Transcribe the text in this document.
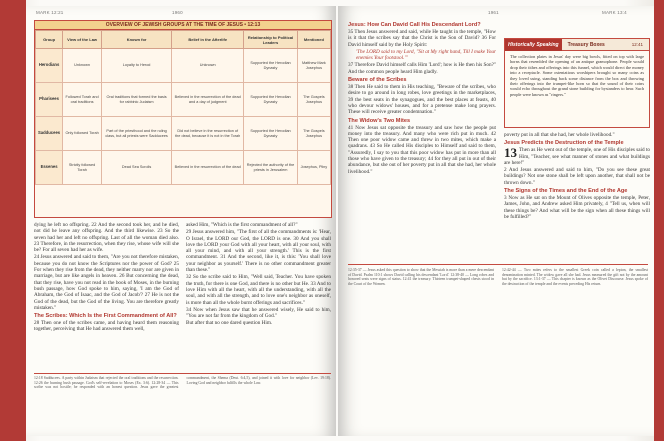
MARK 12:21	1960
OVERVIEW OF JEWISH GROUPS AT THE TIME OF JESUS • 12:13
Group	View of the Law	Known for	Belief in the Afterlife	Relationship to Political Leaders	Mentioned
Herodians	Unknown	Loyalty to Herod	Unknown	Supported the Herodian Dynasty	Matthew Mark Josephus
Pharisees	Followed Torah and oral traditions	Oral traditions that formed the basis for rabbinic Judaism	Believed in the resurrection of the dead and a day of judgment	Supported the Herodian Dynasty	The Gospels Josephus
Sadducees	Only followed Torah	Part of the priesthood and the ruling class, but all priests were Sadducees	Did not believe in the resurrection of the dead, because it is not in the Torah	Supported the Herodian Dynasty	The Gospels Josephus
Essenes	Strictly followed Torah	Dead Sea Scrolls	Believed in the resurrection of the dead	Rejected the authority of the priests in Jerusalem	Josephus, Pliny

dying he left no offspring. 22 And the second took her, and he died, not did he leave any offspring. And the third likewise. 23 So the seven had her and left no offspring. Last of all the woman died also. 23 Therefore, in the resurrection, when they rise, whose wife will she be? For all seven had her as wife.

24 Jesus answered and said to them, "Are you not therefore mistaken, because you do not know the Scriptures nor the power of God? 25 For when they rise from the dead, they neither marry nor are given in marriage, but are like angels in heaven. 26 But concerning the dead, that they rise, have you not read in the book of Moses, in the burning bush passage, how God spoke to him, saying, 'I am the God of Abraham, the God of Isaac, and the God of Jacob'? 27 He is not the God of the dead, but the God of the living. You are therefore greatly mistaken."

The Scribes: Which Is the First Commandment of All?

28 Then one of the scribes came, and having heard them reasoning together, perceiving that He had answered them well,

asked Him, "Which is the first commandment of all?"

29 Jesus answered him, "The first of all the commandments is: 'Hear, O Israel, the LORD our God, the LORD is one. 30 And you shall love the LORD your God with all your heart, with all your soul, with all your mind, and with all your strength.' This is the first commandment. 31 And the second, like it, is this: 'You shall love your neighbor as yourself.' There is no other commandment greater than these."

32 So the scribe said to Him, "Well said, Teacher. You have spoken the truth, for there is one God, and there is no other but He. 33 And to love Him with all the heart, with all the understanding, with all the soul, and with all the strength, and to love one's neighbor as oneself, is more than all the whole burnt offerings and sacrifices."

34 Now when Jesus saw that he answered wisely, He said to him, "You are not far from the kingdom of God."

But after that no one dared question Him.

12:18 Sadducees. A party within Judaism that rejected the oral traditions and the resurrection. 12:26 the burning bush passage. God's self-revelation to Moses (Ex. 3:6). 12:28-34 — This scribe was not hostile; he responded with an honest question. Jesus gave the greatest commandment, the Shema (Deut. 6:4,5), and joined it with love for neighbor (Lev. 19:18). Loving God and neighbor fulfills the whole Law.
1961	MARK 13:4
Jesus: How Can David Call His Descendant Lord?

35 Then Jesus answered and said, while He taught in the temple, "How is it that the scribes say that the Christ is the Son of David? 36 For David himself said by the Holy Spirit:

'The LORD said to my Lord, "Sit at My right hand, Till I make Your enemies Your footstool."'

37 Therefore David himself calls Him 'Lord'; how is He then his Son?" And the common people heard Him gladly.

Beware of the Scribes

38 Then He said to them in His teaching, "Beware of the scribes, who desire to go around in long robes, love greetings in the marketplaces, 39 the best seats in the synagogues, and the best places at feasts, 40 who devour widows' houses, and for a pretense make long prayers. These will receive greater condemnation."

The Widow's Two Mites

41 Now Jesus sat opposite the treasury and saw how the people put money into the treasury. And many who were rich put in much. 42 Then one poor widow came and threw in two mites, which make a quadrans. 43 So He called His disciples to Himself and said to them, "Assuredly, I say to you that this poor widow has put in more than all those who have given to the treasury; 44 for they all put in out of their abundance, but she out of her poverty put in all that she had, her whole livelihood."

Historically Speaking	Treasury Boxes	12:41
The collection plates in Jesus' day were big bowls, fitted on top with large horns that resembled the opening of an antique gramophone. People would drop their tithes and offerings into this funnel, which would direct the money into a receptacle. Some ostentatious worshipers brought so many coins as they loved using, standing back some distance from the box and throwing their offerings into the trumpet-like horn so that the sound of their coins would echo throughout the grand stone building for bystanders to hear. Such people were known as "ringers."

poverty put in all that she had, her whole livelihood."

Jesus Predicts the Destruction of the Temple

13 Then as He went out of the temple, one of His disciples said to Him, "Teacher, see what manner of stones and what buildings are here!"

2 And Jesus answered and said to him, "Do you see these great buildings? Not one stone shall be left upon another, that shall not be thrown down."

The Signs of the Times and the End of the Age

3 Now as He sat on the Mount of Olives opposite the temple, Peter, James, John, and Andrew asked Him privately, 4 "Tell us, when will these things be? And what will be the sign when all these things will be fulfilled?"

12:35-37 — Jesus asked this question to show that the Messiah is more than a mere descendant of David. Psalm 110:1 shows David calling his descendant 'Lord.' 12:38-40 — Long robes and honored seats were signs of status. 12:41 the treasury. Thirteen trumpet-shaped chests stood in the Court of the Women.
12:42-44 — Two mites refers to the smallest Greek coin called a lepton, the smallest denomination minted. The widow gave all she had. Jesus measured the gift not by the amount but by the sacrifice. 13:1-37 — This chapter is known as the Olivet Discourse. Jesus spoke of the destruction of the temple and the events preceding His return.
